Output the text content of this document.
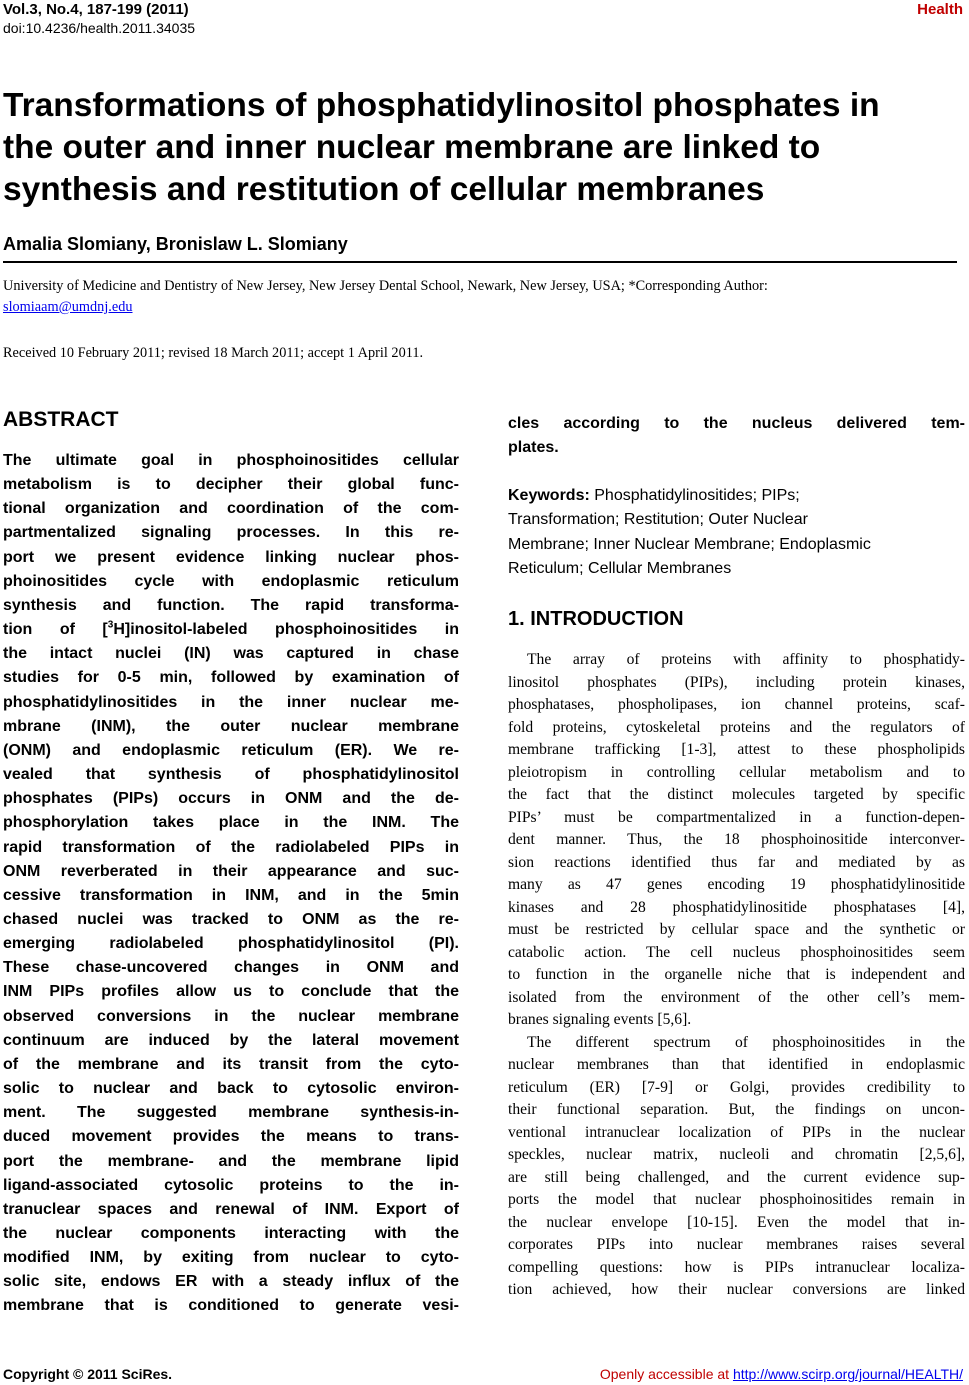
Vol.3, No.4, 187-199 (2011)
doi:10.4236/health.2011.34035
Health
Transformations of phosphatidylinositol phosphates in
the outer and inner nuclear membrane are linked to
synthesis and restitution of cellular membranes
Amalia Slomiany, Bronislaw L. Slomiany
University of Medicine and Dentistry of New Jersey, New Jersey Dental School, Newark, New Jersey, USA; *Corresponding Author:
slomiaam@umdnj.edu
Received 10 February 2011; revised 18 March 2011; accept 1 April 2011.
ABSTRACT
The ultimate goal in phosphoinositides cellular
metabolism is to decipher their global func-
tional organization and coordination of the com-
partmentalized signaling processes. In this re-
port we present evidence linking nuclear phos-
phoinositides cycle with endoplasmic reticulum
synthesis and function. The rapid transforma-
tion of [$^3$H]inositol-labeled phosphoinositides in
the intact nuclei (IN) was captured in chase
studies for 0-5 min, followed by examination of
phosphatidylinositides in the inner nuclear me-
mbrane (INM), the outer nuclear membrane
(ONM) and endoplasmic reticulum (ER). We re-
vealed that synthesis of phosphatidylinositol
phosphates (PIPs) occurs in ONM and the de-
phosphorylation takes place in the INM. The
rapid transformation of the radiolabeled PIPs in
ONM reverberated in their appearance and suc-
cessive transformation in INM, and in the 5min
chased nuclei was tracked to ONM as the re-
emerging radiolabeled phosphatidylinositol (PI).
These chase-uncovered changes in ONM and
INM PIPs profiles allow us to conclude that the
observed conversions in the nuclear membrane
continuum are induced by the lateral movement
of the membrane and its transit from the cyto-
solic to nuclear and back to cytosolic environ-
ment. The suggested membrane synthesis-in-
duced movement provides the means to trans-
port the membrane- and the membrane lipid
ligand-associated cytosolic proteins to the in-
tranuclear spaces and renewal of INM. Export of
the nuclear components interacting with the
modified INM, by exiting from nuclear to cyto-
solic site, endows ER with a steady influx of the
membrane that is conditioned to generate vesi-
cles according to the nucleus delivered tem-
plates.
Keywords: Phosphatidylinositides; PIPs;
Transformation; Restitution; Outer Nuclear
Membrane; Inner Nuclear Membrane; Endoplasmic
Reticulum; Cellular Membranes
1. INTRODUCTION
The array of proteins with affinity to phosphatidy-
linositol phosphates (PIPs), including protein kinases,
phosphatases, phospholipases, ion channel proteins, scaf-
fold proteins, cytoskeletal proteins and the regulators of
membrane trafficking [1-3], attest to these phospholipids
pleiotropism in controlling cellular metabolism and to
the fact that the distinct molecules targeted by specific
PIPs’ must be compartmentalized in a function-depen-
dent manner. Thus, the 18 phosphoinositide interconver-
sion reactions identified thus far and mediated by as
many as 47 genes encoding 19 phosphatidylinositide
kinases and 28 phosphatidylinositide phosphatases [4],
must be restricted by cellular space and the synthetic or
catabolic action. The cell nucleus phosphoinositides seem
to function in the organelle niche that is independent and
isolated from the environment of the other cell’s mem-
branes signaling events [5,6].
The different spectrum of phosphoinositides in the
nuclear membranes than that identified in endoplasmic
reticulum (ER) [7-9] or Golgi, provides credibility to
their functional separation. But, the findings on uncon-
ventional intranuclear localization of PIPs in the nuclear
speckles, nuclear matrix, nucleoli and chromatin [2,5,6],
are still being challenged, and the current evidence sup-
ports the model that nuclear phosphoinositides remain in
the nuclear envelope [10-15]. Even the model that in-
corporates PIPs into nuclear membranes raises several
compelling questions: how is PIPs intranuclear localiza-
tion achieved, how their nuclear conversions are linked
Copyright © 2011 SciRes.	Openly accessible at http://www.scirp.org/journal/HEALTH/
